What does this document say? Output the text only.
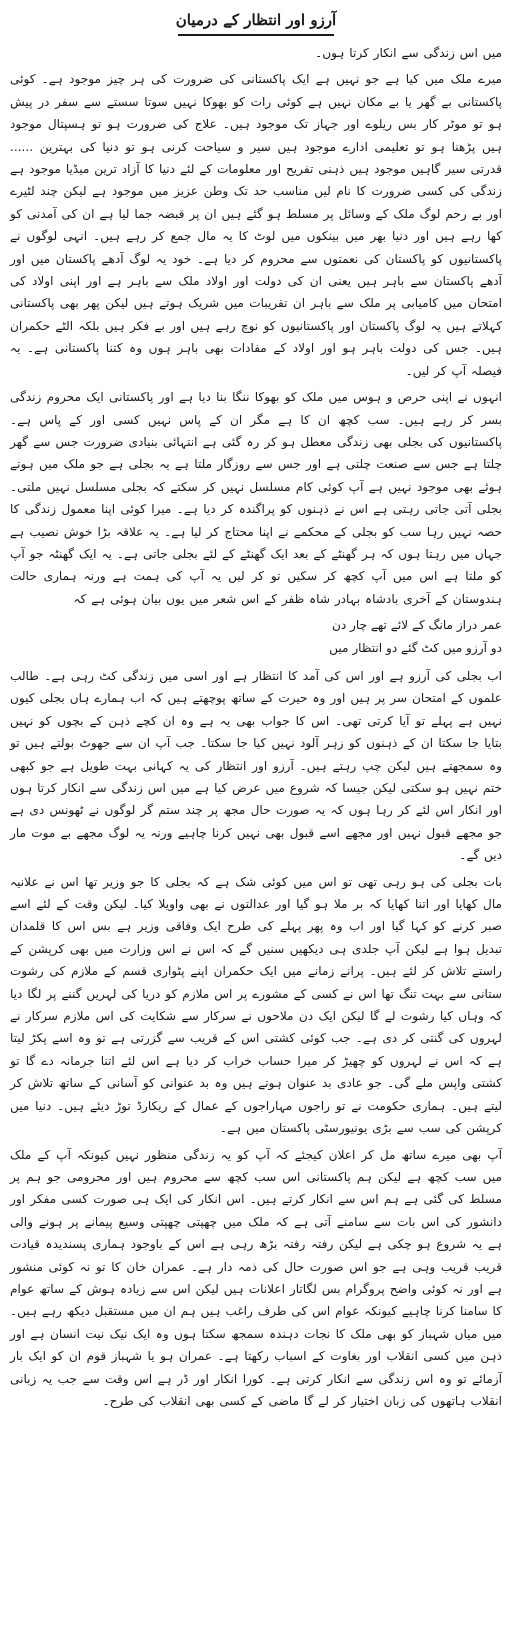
آرزو اور انتظار کے درمیان

میں اس زندگی سے انکار کرتا ہوں۔

میرے ملک میں کیا ہے جو نہیں ہے ایک پاکستانی کی ضرورت کی ہر چیز موجود ہے۔ کوئی پاکستانی بے گھر یا بے مکان نہیں ہے کوئی رات کو بھوکا نہیں سوتا سستے سے سفر در پیش ہو تو موٹر کار بس ریلوے اور جہاز تک موجود ہیں۔ علاج کی ضرورت ہو تو ہسپتال موجود ہیں پڑھنا ہو تو تعلیمی ادارے موجود ہیں سیر و سیاحت کرنی ہو تو دنیا کی بہترین ...... قدرتی سیر گاہیں موجود ہیں ذہنی تفریح اور معلومات کے لئے دنیا کا آزاد ترین میڈیا موجود ہے زندگی کی کسی ضرورت کا نام لیں مناسب حد تک وطن عزیز میں موجود ہے لیکن چند لٹیرے اور بے رحم لوگ ملک کے وسائل پر مسلط ہو گئے ہیں ان پر قبضہ جما لیا ہے ان کی آمدنی کو کھا رہے ہیں اور دنیا بھر میں بینکوں میں لوٹ کا یہ مال جمع کر رہے ہیں۔ انہی لوگوں نے پاکستانیوں کو پاکستان کی نعمتوں سے محروم کر دیا ہے۔ خود یہ لوگ آدھے پاکستان میں اور آدھے پاکستان سے باہر ہیں یعنی ان کی دولت اور اولاد ملک سے باہر ہے اور اپنی اولاد کی امتحان میں کامیابی پر ملک سے باہر ان تقریبات میں شریک ہوتے ہیں لیکن پھر بھی پاکستانی کہلاتے ہیں یہ لوگ پاکستان اور پاکستانیوں کو نوچ رہے ہیں اور بے فکر ہیں بلکہ الٹے حکمران ہیں۔ جس کی دولت باہر ہو اور اولاد کے مفادات بھی باہر ہوں وہ کتنا پاکستانی ہے۔ یہ فیصلہ آپ کر لیں۔

انہوں نے اپنی حرص و ہوس میں ملک کو بھوکا ننگا بنا دیا ہے اور پاکستانی ایک محروم زندگی بسر کر رہے ہیں۔ سب کچھ ان کا ہے مگر ان کے پاس نہیں کسی اور کے پاس ہے۔ پاکستانیوں کی بجلی بھی زندگی معطل ہو کر رہ گئی ہے انتہائی بنیادی ضرورت جس سے گھر چلتا ہے جس سے صنعت چلتی ہے اور جس سے روزگار ملتا ہے یہ بجلی ہے جو ملک میں ہوتے ہوئے بھی موجود نہیں ہے آپ کوئی کام مسلسل نہیں کر سکتے کہ بجلی مسلسل نہیں ملتی۔ بجلی آتی جاتی رہتی ہے اس نے ذہنوں کو پراگندہ کر دیا ہے۔ میرا کوئی اپنا معمول زندگی کا حصہ نہیں رہا سب کو بجلی کے محکمے نے اپنا محتاج کر لیا ہے۔ یہ علاقہ بڑا خوش نصیب ہے جہاں میں رہتا ہوں کہ ہر گھنٹے کے بعد ایک گھنٹے کے لئے بجلی جاتی ہے۔ یہ ایک گھنٹہ جو آپ کو ملتا ہے اس میں آپ کچھ کر سکیں تو کر لیں یہ آپ کی ہمت ہے ورنہ ہماری حالت ہندوستان کے آخری بادشاہ بہادر شاہ ظفر کے اس شعر میں یوں بیان ہوئی ہے کہ

عمر دراز مانگ کے لائے تھے چار دن
دو آرزو میں کٹ گئے دو انتظار میں

اب بجلی کی آرزو ہے اور اس کی آمد کا انتظار ہے اور اسی میں زندگی کٹ رہی ہے۔ طالب علموں کے امتحان سر پر ہیں اور وہ حیرت کے ساتھ پوچھتے ہیں کہ اب ہمارے ہاں بجلی کیوں نہیں ہے پہلے تو آیا کرتی تھی۔ اس کا جواب بھی یہ ہے وہ ان کچے ذہن کے بچوں کو نہیں بتایا جا سکتا ان کے ذہنوں کو زہر آلود نہیں کیا جا سکتا۔ جب آپ ان سے جھوٹ بولتے ہیں تو وہ سمجھتے ہیں لیکن چپ رہتے ہیں۔ آرزو اور انتظار کی یہ کہانی بہت طویل ہے جو کبھی ختم نہیں ہو سکتی لیکن جیسا کہ شروع میں عرض کیا ہے میں اس زندگی سے انکار کرتا ہوں اور انکار اس لئے کر رہا ہوں کہ یہ صورت حال مجھ پر چند ستم گر لوگوں نے ٹھونس دی ہے جو مجھے قبول نہیں اور مجھے اسے قبول بھی نہیں کرنا چاہیے ورنہ یہ لوگ مجھے بے موت مار دیں گے۔

بات بجلی کی ہو رہی تھی تو اس میں کوئی شک ہے کہ بجلی کا جو وزیر تھا اس نے علانیہ مال کھایا اور اتنا کھایا کہ بر ملا ہو گیا اور عدالتوں نے بھی واویلا کیا۔ لیکن وقت کے لئے اسے صبر کرنے کو کہا گیا اور اب وہ پھر پہلے کی طرح ایک وفاقی وزیر ہے بس اس کا قلمدان تبدیل ہوا ہے لیکن آپ جلدی ہی دیکھیں سنیں گے کہ اس نے اس وزارت میں بھی کرپشن کے راستے تلاش کر لئے ہیں۔ پرانے زمانے میں ایک حکمران اپنے پٹواری قسم کے ملازم کی رشوت ستانی سے بہت تنگ تھا اس نے کسی کے مشورے پر اس ملازم کو دریا کی لہریں گننے پر لگا دیا کہ وہاں کیا رشوت لے گا لیکن ایک دن ملاحوں نے سرکار سے شکایت کی اس ملازم سرکار نے لہروں کی گنتی کر دی ہے۔ جب کوئی کشتی اس کے قریب سے گزرتی ہے تو وہ اسے پکڑ لیتا ہے کہ اس نے لہروں کو چھیڑ کر میرا حساب خراب کر دیا ہے اس لئے اتنا جرمانہ دے گا تو کشتی واپس ملے گی۔ جو عادی بد عنوان ہوتے ہیں وہ بد عنوانی کو آسانی کے ساتھ تلاش کر لیتے ہیں۔ ہماری حکومت نے تو راجوں مہاراجوں کے عمال کے ریکارڈ توڑ دیئے ہیں۔ دنیا میں کرپشن کی سب سے بڑی یونیورسٹی پاکستان میں ہے۔

آپ بھی میرے ساتھ مل کر اعلان کیجئے کہ آپ کو یہ زندگی منظور نہیں کیونکہ آپ کے ملک میں سب کچھ ہے لیکن ہم پاکستانی اس سب کچھ سے محروم ہیں اور محرومی جو ہم پر مسلط کی گئی ہے ہم اس سے انکار کرتے ہیں۔ اس انکار کی ایک ہی صورت کسی مفکر اور دانشور کی اس بات سے سامنے آتی ہے کہ ملک میں چھپتی چھپتی وسیع پیمانے پر ہونے والی ہے یہ شروع ہو چکی ہے لیکن رفتہ رفتہ بڑھ رہی ہے اس کے باوجود ہماری پسندیدہ قیادت قریب قریب وہی ہے جو اس صورت حال کی ذمہ دار ہے۔ عمران خان کا تو نہ کوئی منشور ہے اور نہ کوئی واضح پروگرام بس لگاتار اعلانات ہیں لیکن اس سے زیادہ ہوش کے ساتھ عوام کا سامنا کرنا چاہیے کیونکہ عوام اس کی طرف راغب ہیں ہم ان میں مستقبل دیکھ رہے ہیں۔ میں میاں شہباز کو بھی ملک کا نجات دہندہ سمجھ سکتا ہوں وہ ایک نیک نیت انسان ہے اور ذہن میں کسی انقلاب اور بغاوت کے اسباب رکھتا ہے۔ عمران ہو یا شہباز قوم ان کو ایک بار آزمائے تو وہ اس زندگی سے انکار کرتی ہے۔ کورا انکار اور ڈر ہے اس وقت سے جب یہ زبانی انقلاب ہاتھوں کی زبان اختیار کر لے گا ماضی کے کسی بھی انقلاب کی طرح۔
